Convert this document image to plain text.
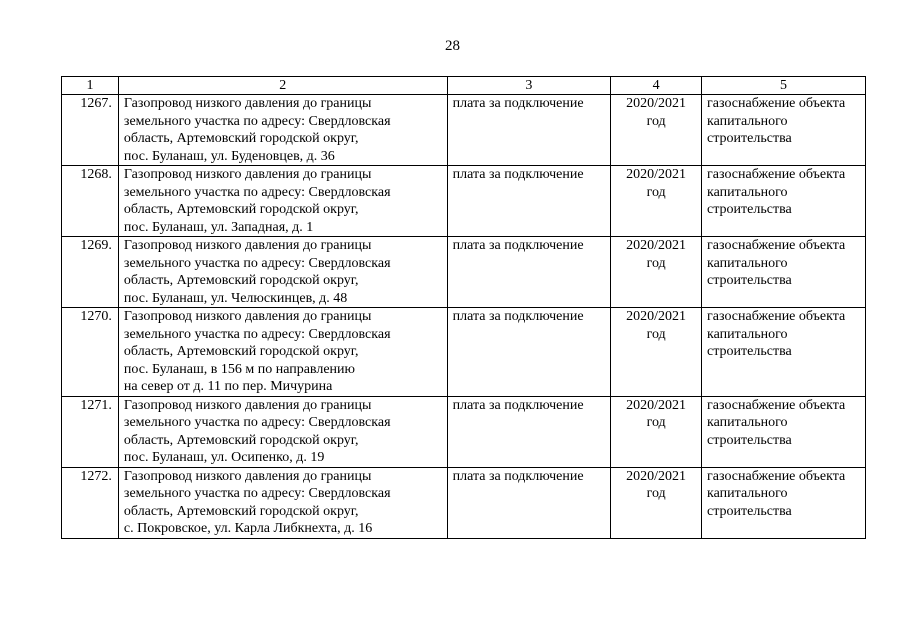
28
1	2	3	4	5
1267.	Газопровод низкого давления до границы
земельного участка по адресу: Свердловская
область, Артемовский городской округ,
пос. Буланаш, ул. Буденовцев, д. 36	плата за подключение	2020/2021
год	газоснабжение объекта
капитального
строительства

1268.	Газопровод низкого давления до границы
земельного участка по адресу: Свердловская
область, Артемовский городской округ,
пос. Буланаш, ул. Западная, д. 1	плата за подключение	2020/2021
год	газоснабжение объекта
капитального
строительства

1269.	Газопровод низкого давления до границы
земельного участка по адресу: Свердловская
область, Артемовский городской округ,
пос. Буланаш, ул. Челюскинцев, д. 48	плата за подключение	2020/2021
год	газоснабжение объекта
капитального
строительства

1270.	Газопровод низкого давления до границы
земельного участка по адресу: Свердловская
область, Артемовский городской округ,
пос. Буланаш, в 156 м по направлению
на север от д. 11 по пер. Мичурина	плата за подключение	2020/2021
год	газоснабжение объекта
капитального
строительства

1271.	Газопровод низкого давления до границы
земельного участка по адресу: Свердловская
область, Артемовский городской округ,
пос. Буланаш, ул. Осипенко, д. 19	плата за подключение	2020/2021
год	газоснабжение объекта
капитального
строительства

1272.	Газопровод низкого давления до границы
земельного участка по адресу: Свердловская
область, Артемовский городской округ,
с. Покровское, ул. Карла Либкнехта, д. 16	плата за подключение	2020/2021
год	газоснабжение объекта
капитального
строительства
